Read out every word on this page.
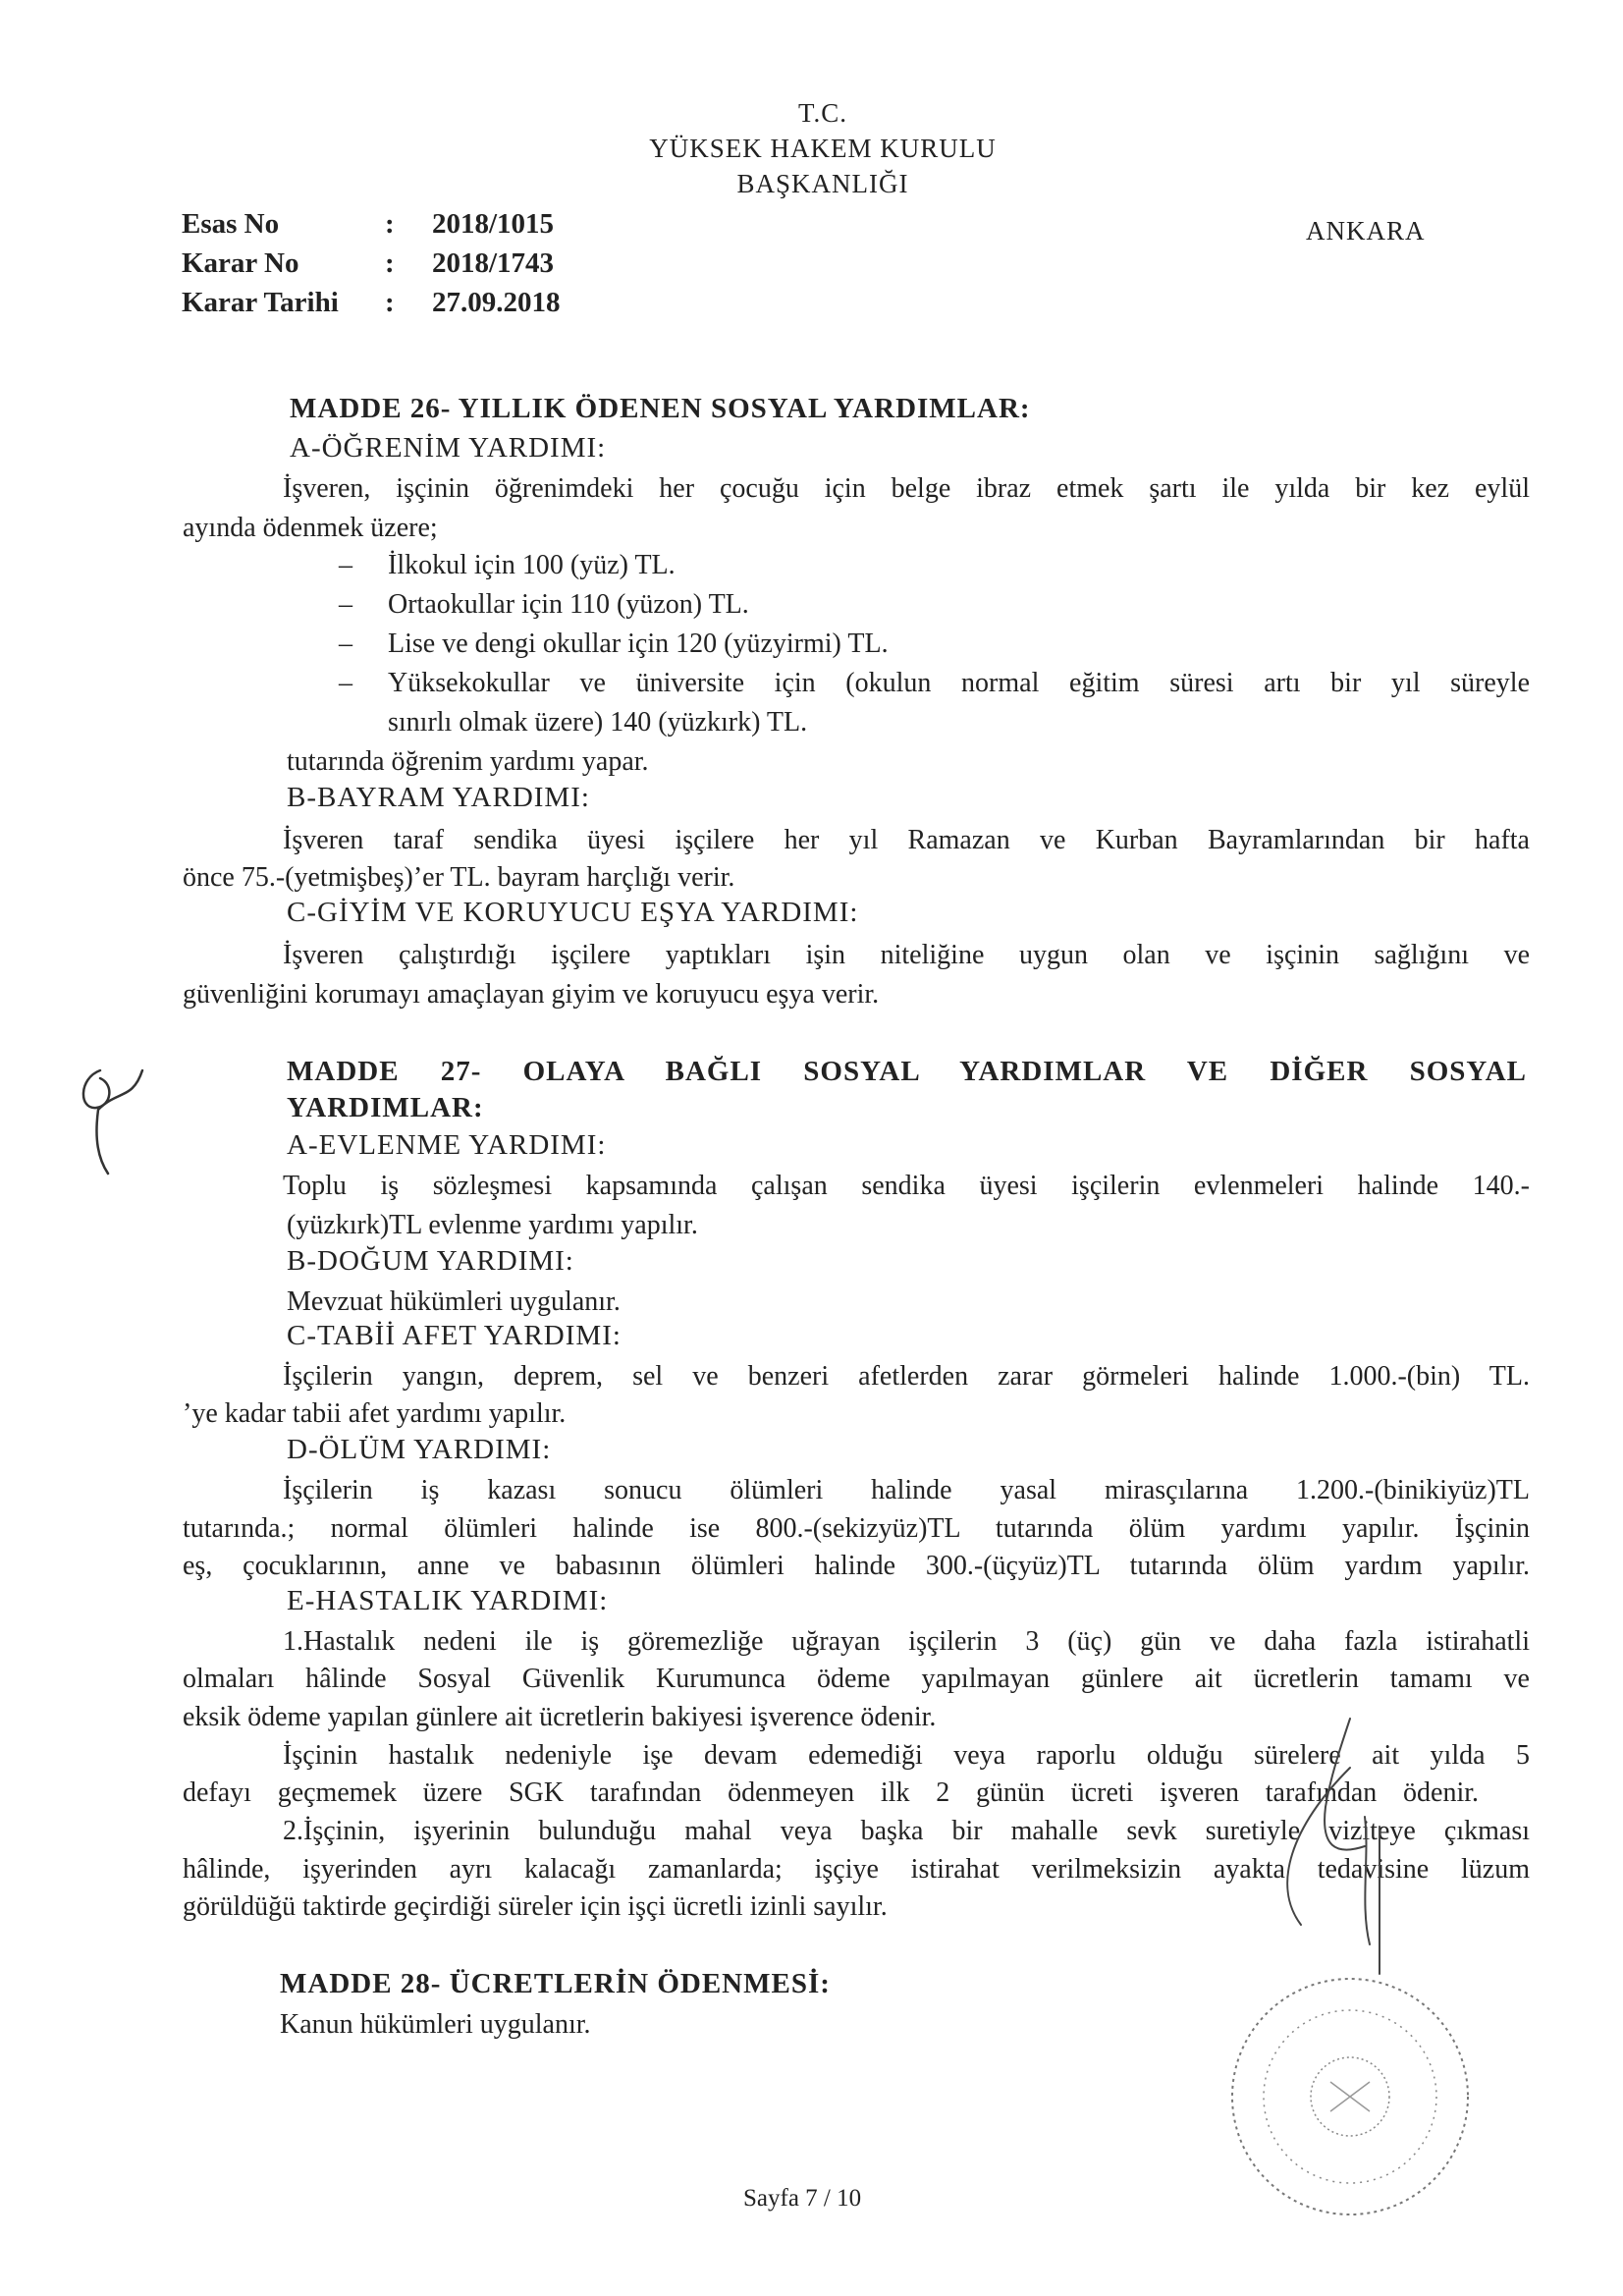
T.C.
YÜKSEK HAKEM KURULU
BAŞKANLIĞI
ANKARA
Esas No	: 2018/1015
Karar No	: 2018/1743
Karar Tarihi : 27.09.2018
MADDE 26- YILLIK ÖDENEN SOSYAL YARDIMLAR:
A-ÖĞRENİM YARDIMI:
İşveren, işçinin öğrenimdeki her çocuğu için belge ibraz etmek şartı ile yılda bir kez eylül
ayında ödenmek üzere;
– İlkokul için 100 (yüz) TL.
– Ortaokullar için 110 (yüzon) TL.
– Lise ve dengi okullar için 120 (yüzyirmi) TL.
– Yüksekokullar ve üniversite için (okulun normal eğitim süresi artı bir yıl süreyle
sınırlı olmak üzere) 140 (yüzkırk) TL.
tutarında öğrenim yardımı yapar.
B-BAYRAM YARDIMI:
İşveren taraf sendika üyesi işçilere her yıl Ramazan ve Kurban Bayramlarından bir hafta
önce 75.-(yetmişbeş)’er TL. bayram harçlığı verir.
C-GİYİM VE KORUYUCU EŞYA YARDIMI:
İşveren çalıştırdığı işçilere yaptıkları işin niteliğine uygun olan ve işçinin sağlığını ve
güvenliğini korumayı amaçlayan giyim ve koruyucu eşya verir.
MADDE 27- OLAYA BAĞLI SOSYAL YARDIMLAR VE DİĞER SOSYAL
YARDIMLAR:
A-EVLENME YARDIMI:
Toplu iş sözleşmesi kapsamında çalışan sendika üyesi işçilerin evlenmeleri halinde 140.-
(yüzkırk)TL evlenme yardımı yapılır.
B-DOĞUM YARDIMI:
Mevzuat hükümleri uygulanır.
C-TABİİ AFET YARDIMI:
İşçilerin yangın, deprem, sel ve benzeri afetlerden zarar görmeleri halinde 1.000.-(bin) TL.
’ye kadar tabii afet yardımı yapılır.
D-ÖLÜM YARDIMI:
İşçilerin iş kazası sonucu ölümleri halinde yasal mirasçılarına 1.200.-(binikiyüz)TL
tutarında.; normal ölümleri halinde ise 800.-(sekizyüz)TL tutarında ölüm yardımı yapılır. İşçinin
eş, çocuklarının, anne ve babasının ölümleri halinde 300.-(üçyüz)TL tutarında ölüm yardım yapılır.
E-HASTALIK YARDIMI:
1.Hastalık nedeni ile iş göremezliğe uğrayan işçilerin 3 (üç) gün ve daha fazla istirahatli
olmaları hâlinde Sosyal Güvenlik Kurumunca ödeme yapılmayan günlere ait ücretlerin tamamı ve
eksik ödeme yapılan günlere ait ücretlerin bakiyesi işverence ödenir.
İşçinin hastalık nedeniyle işe devam edemediği veya raporlu olduğu sürelere ait yılda 5
defayı geçmemek üzere SGK tarafından ödenmeyen ilk 2 günün ücreti işveren tarafından ödenir.
2.İşçinin, işyerinin bulunduğu mahal veya başka bir mahalle sevk suretiyle viziteye çıkması
hâlinde, işyerinden ayrı kalacağı zamanlarda; işçiye istirahat verilmeksizin ayakta tedavisine lüzum
görüldüğü taktirde geçirdiği süreler için işçi ücretli izinli sayılır.
MADDE 28- ÜCRETLERİN ÖDENMESİ:
Kanun hükümleri uygulanır.
Sayfa 7 / 10
